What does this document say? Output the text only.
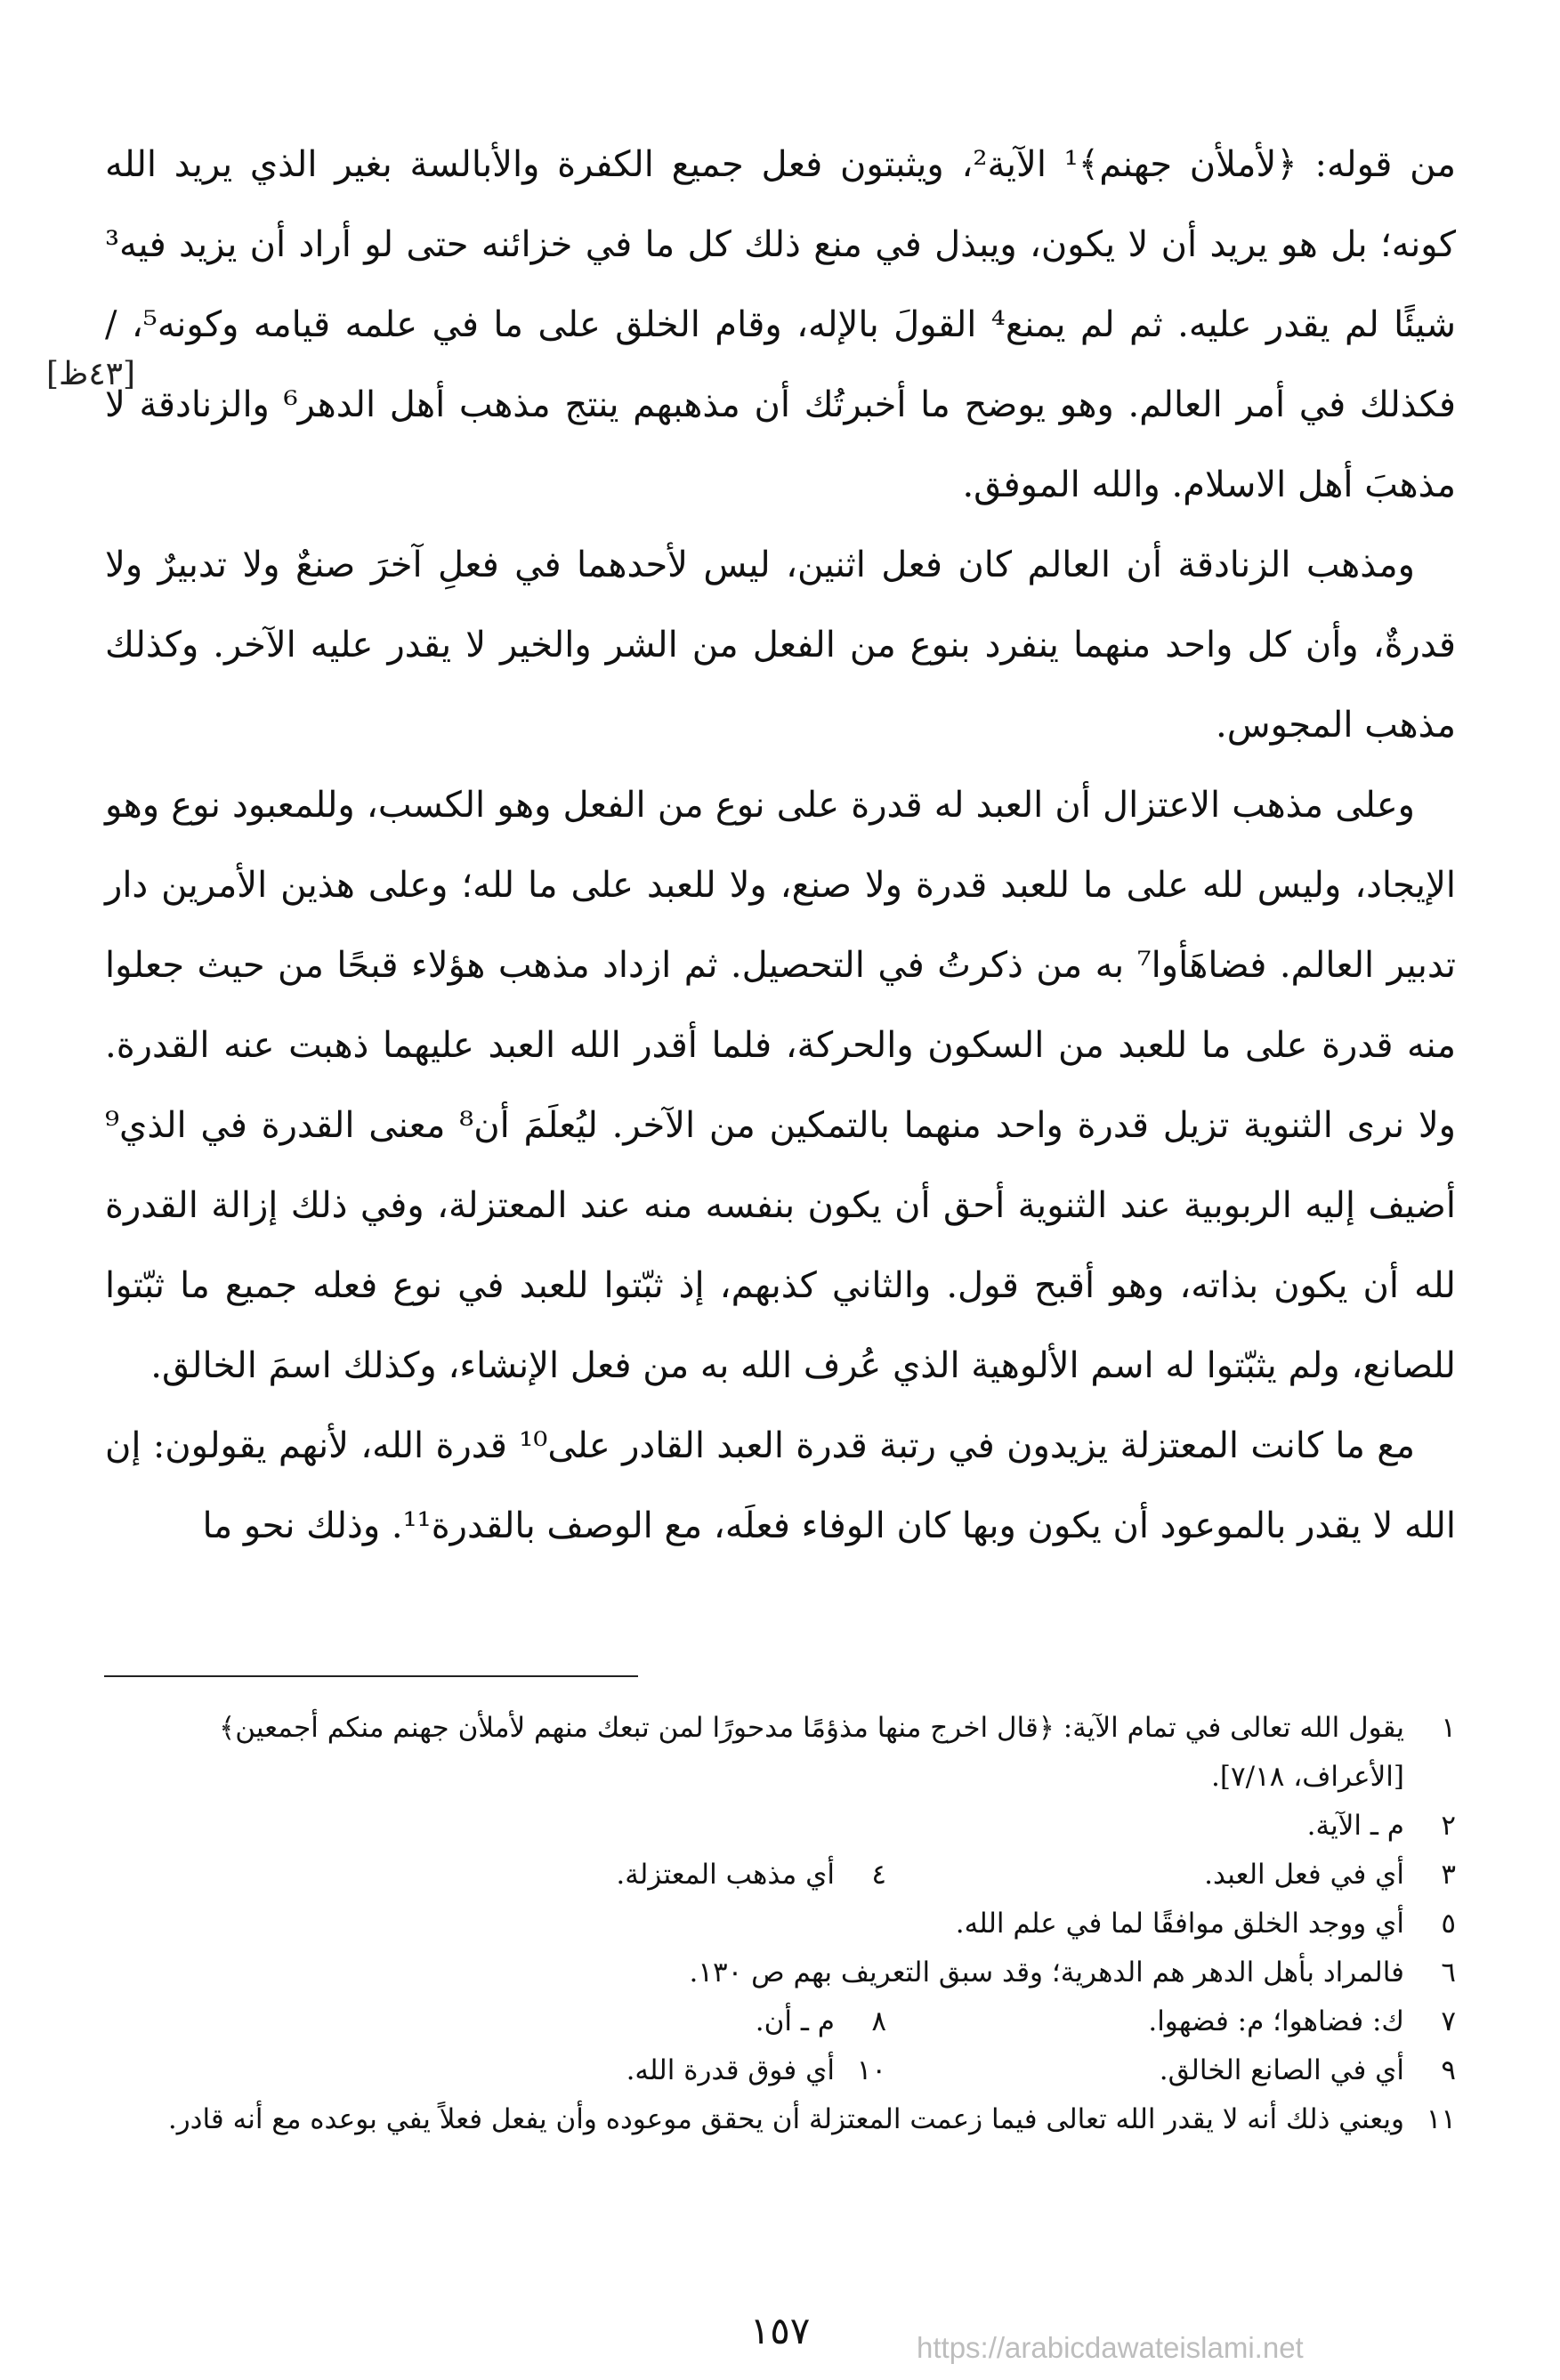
من قوله: ﴿لأملأن جهنم﴾¹ الآية²، ويثبتون فعل جميع الكفرة والأبالسة بغير الذي يريد الله كونه؛ بل هو يريد أن لا يكون، ويبذل في منع ذلك كل ما في خزائنه حتى لو أراد أن يزيد فيه³ شيئًا لم يقدر عليه. ثم لم يمنع⁴ القولَ بالإله، وقام الخلق على ما في علمه قيامه وكونه⁵، / فكذلك في أمر العالم. وهو يوضح ما أخبرتُك أن مذهبهم ينتج مذهب أهل الدهر⁶ والزنادقة لا مذهبَ أهل الاسلام. والله الموفق.

ومذهب الزنادقة أن العالم كان فعل اثنين، ليس لأحدهما في فعلِ آخرَ صنعٌ ولا تدبيرٌ ولا قدرةٌ، وأن كل واحد منهما ينفرد بنوع من الفعل من الشر والخير لا يقدر عليه الآخر. وكذلك مذهب المجوس.

وعلى مذهب الاعتزال أن العبد له قدرة على نوع من الفعل وهو الكسب، وللمعبود نوع وهو الإيجاد، وليس لله على ما للعبد قدرة ولا صنع، ولا للعبد على ما لله؛ وعلى هذين الأمرين دار تدبير العالم. فضاهَأوا⁷ به من ذكرتُ في التحصيل. ثم ازداد مذهب هؤلاء قبحًا من حيث جعلوا منه قدرة على ما للعبد من السكون والحركة، فلما أقدر الله العبد عليهما ذهبت عنه القدرة. ولا نرى الثنوية تزيل قدرة واحد منهما بالتمكين من الآخر. ليُعلَمَ أن⁸ معنى القدرة في الذي⁹ أضيف إليه الربوبية عند الثنوية أحق أن يكون بنفسه منه عند المعتزلة، وفي ذلك إزالة القدرة لله أن يكون بذاته، وهو أقبح قول. والثاني كذبهم، إذ ثبّتوا للعبد في نوع فعله جميع ما ثبّتوا للصانع، ولم يثبّتوا له اسم الألوهية الذي عُرف الله به من فعل الإنشاء، وكذلك اسمَ الخالق.

مع ما كانت المعتزلة يزيدون في رتبة قدرة العبد القادر على¹⁰ قدرة الله، لأنهم يقولون: إن الله لا يقدر بالموعود أن يكون وبها كان الوفاء فعلَه، مع الوصف بالقدرة¹¹. وذلك نحو ما

[٤٣ظ]
١
يقول الله تعالى في تمام الآية: ﴿قال اخرج منها مذؤمًا مدحورًا لمن تبعك منهم لأملأن جهنم منكم أجمعين﴾ [الأعراف، ٧/١٨].
٢
م ـ الآية.
٣
أي في فعل العبد.
٤
أي مذهب المعتزلة.
٥
أي ووجد الخلق موافقًا لما في علم الله.
٦
فالمراد بأهل الدهر هم الدهرية؛ وقد سبق التعريف بهم ص ١٣٠.
٧
ك: فضاهوا؛ م: فضهوا.
٨
م ـ أن.
٩
أي في الصانع الخالق.
١٠
أي فوق قدرة الله.
١١
ويعني ذلك أنه لا يقدر الله تعالى فيما زعمت المعتزلة أن يحقق موعوده وأن يفعل فعلاً يفي بوعده مع أنه قادر.
١٥٧	https://arabicdawateislami.net
